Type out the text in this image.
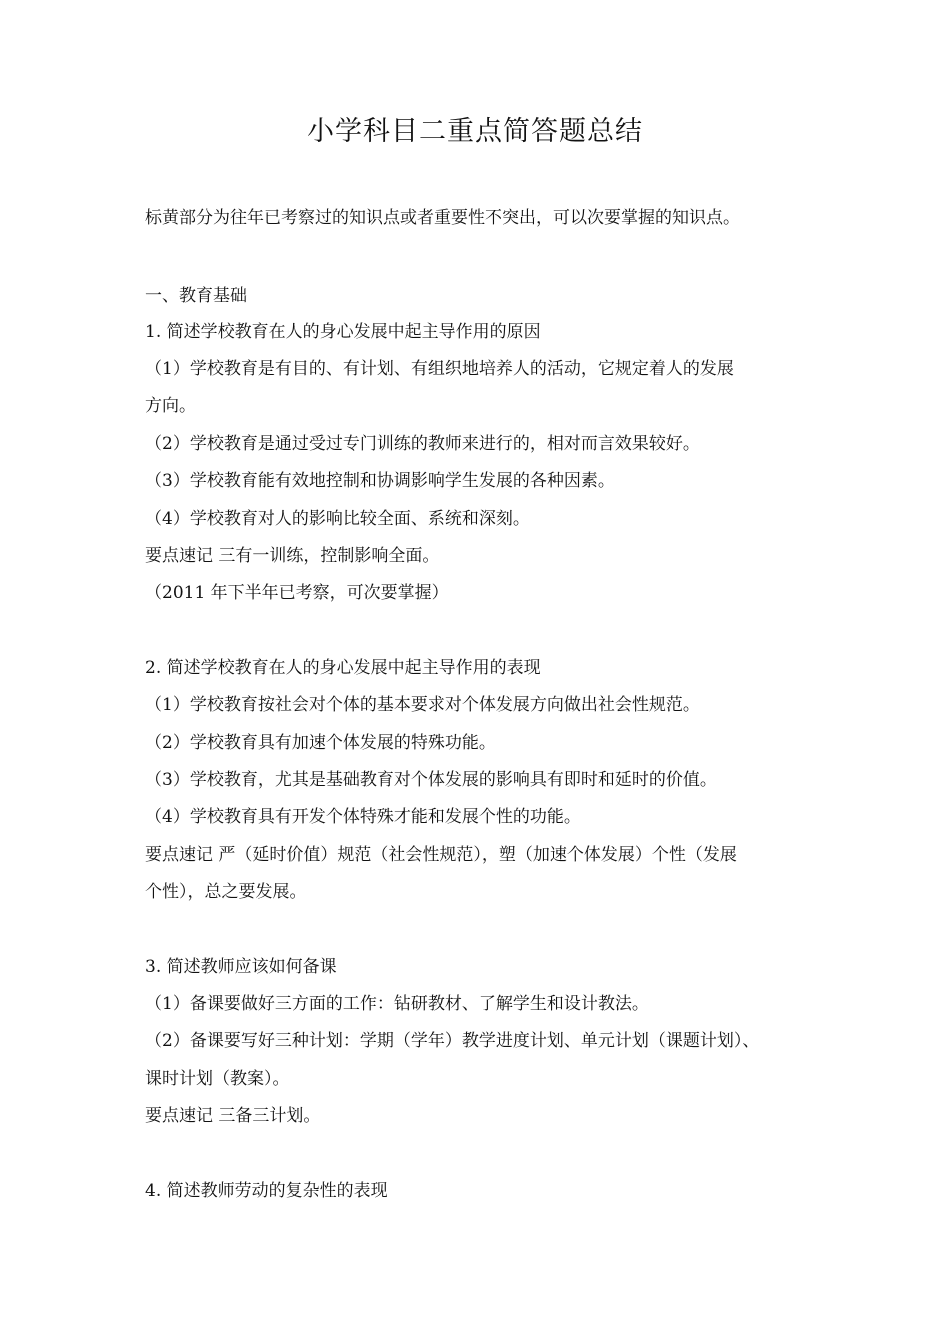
小学科目二重点简答题总结

标黄部分为往年已考察过的知识点或者重要性不突出，可以次要掌握的知识点。

一、教育基础

1. 简述学校教育在人的身心发展中起主导作用的原因

（1）学校教育是有目的、有计划、有组织地培养人的活动，它规定着人的发展

方向。

（2）学校教育是通过受过专门训练的教师来进行的，相对而言效果较好。

（3）学校教育能有效地控制和协调影响学生发展的各种因素。

（4）学校教育对人的影响比较全面、系统和深刻。

要点速记 三有一训练，控制影响全面。

（2011 年下半年已考察，可次要掌握）

2. 简述学校教育在人的身心发展中起主导作用的表现

（1）学校教育按社会对个体的基本要求对个体发展方向做出社会性规范。

（2）学校教育具有加速个体发展的特殊功能。

（3）学校教育，尤其是基础教育对个体发展的影响具有即时和延时的价值。

（4）学校教育具有开发个体特殊才能和发展个性的功能。

要点速记 严（延时价值）规范（社会性规范），塑（加速个体发展）个性（发展

个性），总之要发展。

3. 简述教师应该如何备课

（1）备课要做好三方面的工作：钻研教材、了解学生和设计教法。

（2）备课要写好三种计划：学期（学年）教学进度计划、单元计划（课题计划）、

课时计划（教案）。

要点速记 三备三计划。

4. 简述教师劳动的复杂性的表现
